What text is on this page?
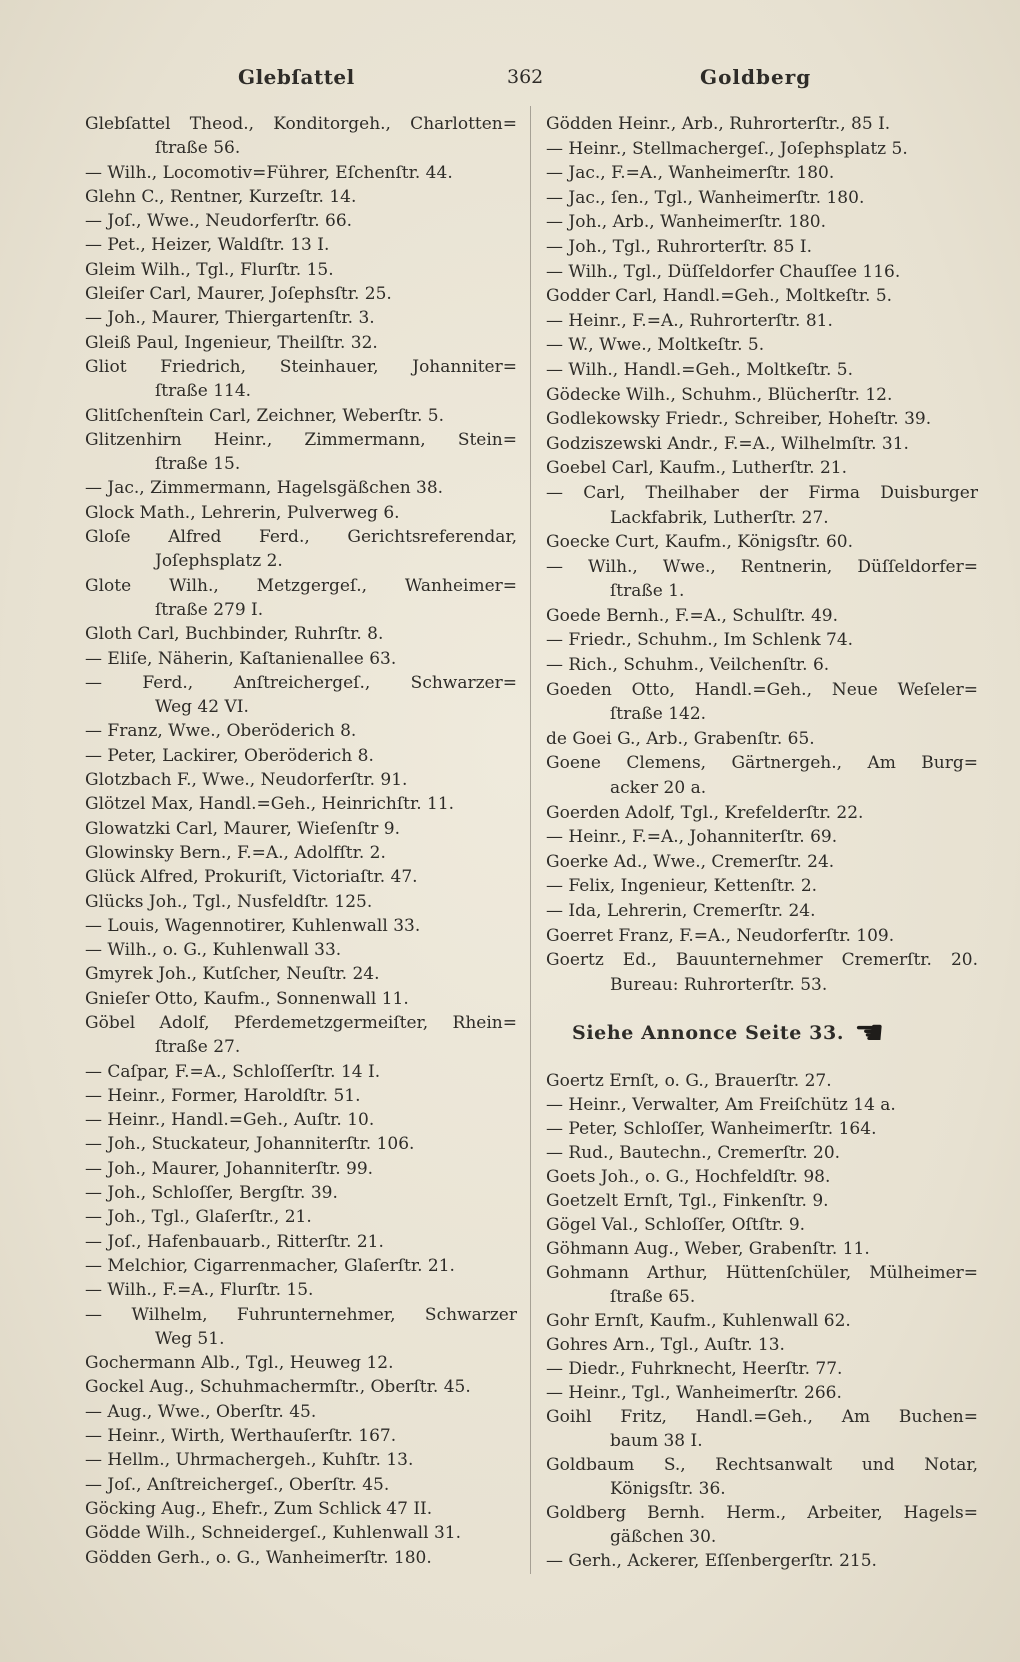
Glebſattel	362	Goldberg
Glebſattel Theod., Konditorgeh., Charlotten=
ſtraße 56.
— Wilh., Locomotiv=Führer, Eſchenſtr. 44.
Glehn C., Rentner, Kurzeſtr. 14.
— Joſ., Wwe., Neudorferſtr. 66.
— Pet., Heizer, Waldſtr. 13 I.
Gleim Wilh., Tgl., Flurſtr. 15.
Gleiſer Carl, Maurer, Joſephsſtr. 25.
— Joh., Maurer, Thiergartenſtr. 3.
Gleiß Paul, Ingenieur, Theilſtr. 32.
Gliot Friedrich, Steinhauer, Johanniter=
ſtraße 114.
Glitſchenſtein Carl, Zeichner, Weberſtr. 5.
Glitzenhirn Heinr., Zimmermann, Stein=
ſtraße 15.
— Jac., Zimmermann, Hagelsgäßchen 38.
Glock Math., Lehrerin, Pulverweg 6.
Gloſe Alfred Ferd., Gerichtsreferendar,
Joſephsplatz 2.
Glote Wilh., Metzgergeſ., Wanheimer=
ſtraße 279 I.
Gloth Carl, Buchbinder, Ruhrſtr. 8.
— Eliſe, Näherin, Kaſtanienallee 63.
— Ferd., Anſtreichergeſ., Schwarzer=
Weg 42 VI.
— Franz, Wwe., Oberöderich 8.
— Peter, Lackirer, Oberöderich 8.
Glotzbach F., Wwe., Neudorferſtr. 91.
Glötzel Max, Handl.=Geh., Heinrichſtr. 11.
Glowatzki Carl, Maurer, Wieſenſtr 9.
Glowinsky Bern., F.=A., Adolfſtr. 2.
Glück Alfred, Prokuriſt, Victoriaſtr. 47.
Glücks Joh., Tgl., Nusfeldſtr. 125.
— Louis, Wagennotirer, Kuhlenwall 33.
— Wilh., o. G., Kuhlenwall 33.
Gmyrek Joh., Kutſcher, Neuſtr. 24.
Gnieſer Otto, Kaufm., Sonnenwall 11.
Göbel Adolf, Pferdemetzgermeiſter, Rhein=
ſtraße 27.
— Caſpar, F.=A., Schloſſerſtr. 14 I.
— Heinr., Former, Haroldſtr. 51.
— Heinr., Handl.=Geh., Auſtr. 10.
— Joh., Stuckateur, Johanniterſtr. 106.
— Joh., Maurer, Johanniterſtr. 99.
— Joh., Schloſſer, Bergſtr. 39.
— Joh., Tgl., Glaſerſtr., 21.
— Joſ., Hafenbauarb., Ritterſtr. 21.
— Melchior, Cigarrenmacher, Glaſerſtr. 21.
— Wilh., F.=A., Flurſtr. 15.
— Wilhelm, Fuhrunternehmer, Schwarzer
Weg 51.
Gochermann Alb., Tgl., Heuweg 12.
Gockel Aug., Schuhmachermſtr., Oberſtr. 45.
— Aug., Wwe., Oberſtr. 45.
— Heinr., Wirth, Werthauſerſtr. 167.
— Hellm., Uhrmachergeh., Kuhſtr. 13.
— Joſ., Anſtreichergeſ., Oberſtr. 45.
Göcking Aug., Ehefr., Zum Schlick 47 II.
Gödde Wilh., Schneidergeſ., Kuhlenwall 31.
Gödden Gerh., o. G., Wanheimerſtr. 180.
Gödden Heinr., Arb., Ruhrorterſtr., 85 I.
— Heinr., Stellmachergeſ., Joſephsplatz 5.
— Jac., F.=A., Wanheimerſtr. 180.
— Jac., ſen., Tgl., Wanheimerſtr. 180.
— Joh., Arb., Wanheimerſtr. 180.
— Joh., Tgl., Ruhrorterſtr. 85 I.
— Wilh., Tgl., Düſſeldorfer Chauſſee 116.
Godder Carl, Handl.=Geh., Moltkeſtr. 5.
— Heinr., F.=A., Ruhrorterſtr. 81.
— W., Wwe., Moltkeſtr. 5.
— Wilh., Handl.=Geh., Moltkeſtr. 5.
Gödecke Wilh., Schuhm., Blücherſtr. 12.
Godlekowsky Friedr., Schreiber, Hoheſtr. 39.
Godziszewski Andr., F.=A., Wilhelmſtr. 31.
Goebel Carl, Kaufm., Lutherſtr. 21.
— Carl, Theilhaber der Firma Duisburger
Lackfabrik, Lutherſtr. 27.
Goecke Curt, Kaufm., Königsſtr. 60.
— Wilh., Wwe., Rentnerin, Düſſeldorfer=
ſtraße 1.
Goede Bernh., F.=A., Schulſtr. 49.
— Friedr., Schuhm., Im Schlenk 74.
— Rich., Schuhm., Veilchenſtr. 6.
Goeden Otto, Handl.=Geh., Neue Weſeler=
ſtraße 142.
de Goei G., Arb., Grabenſtr. 65.
Goene Clemens, Gärtnergeh., Am Burg=
acker 20 a.
Goerden Adolf, Tgl., Krefelderſtr. 22.
— Heinr., F.=A., Johanniterſtr. 69.
Goerke Ad., Wwe., Cremerſtr. 24.
— Felix, Ingenieur, Kettenſtr. 2.
— Ida, Lehrerin, Cremerſtr. 24.
Goerret Franz, F.=A., Neudorferſtr. 109.
Goertz Ed., Bauunternehmer Cremerſtr. 20.
Bureau: Ruhrorterſtr. 53.
Siehe Annonce Seite 33. ☚
Goertz Ernſt, o. G., Brauerſtr. 27.
— Heinr., Verwalter, Am Freiſchütz 14 a.
— Peter, Schloſſer, Wanheimerſtr. 164.
— Rud., Bautechn., Cremerſtr. 20.
Goets Joh., o. G., Hochfeldſtr. 98.
Goetzelt Ernſt, Tgl., Finkenſtr. 9.
Gögel Val., Schloſſer, Oſtſtr. 9.
Göhmann Aug., Weber, Grabenſtr. 11.
Gohmann Arthur, Hüttenſchüler, Mülheimer=
ſtraße 65.
Gohr Ernſt, Kaufm., Kuhlenwall 62.
Gohres Arn., Tgl., Auſtr. 13.
— Diedr., Fuhrknecht, Heerſtr. 77.
— Heinr., Tgl., Wanheimerſtr. 266.
Goihl Fritz, Handl.=Geh., Am Buchen=
baum 38 I.
Goldbaum S., Rechtsanwalt und Notar,
Königsſtr. 36.
Goldberg Bernh. Herm., Arbeiter, Hagels=
gäßchen 30.
— Gerh., Ackerer, Eſſenbergerſtr. 215.
